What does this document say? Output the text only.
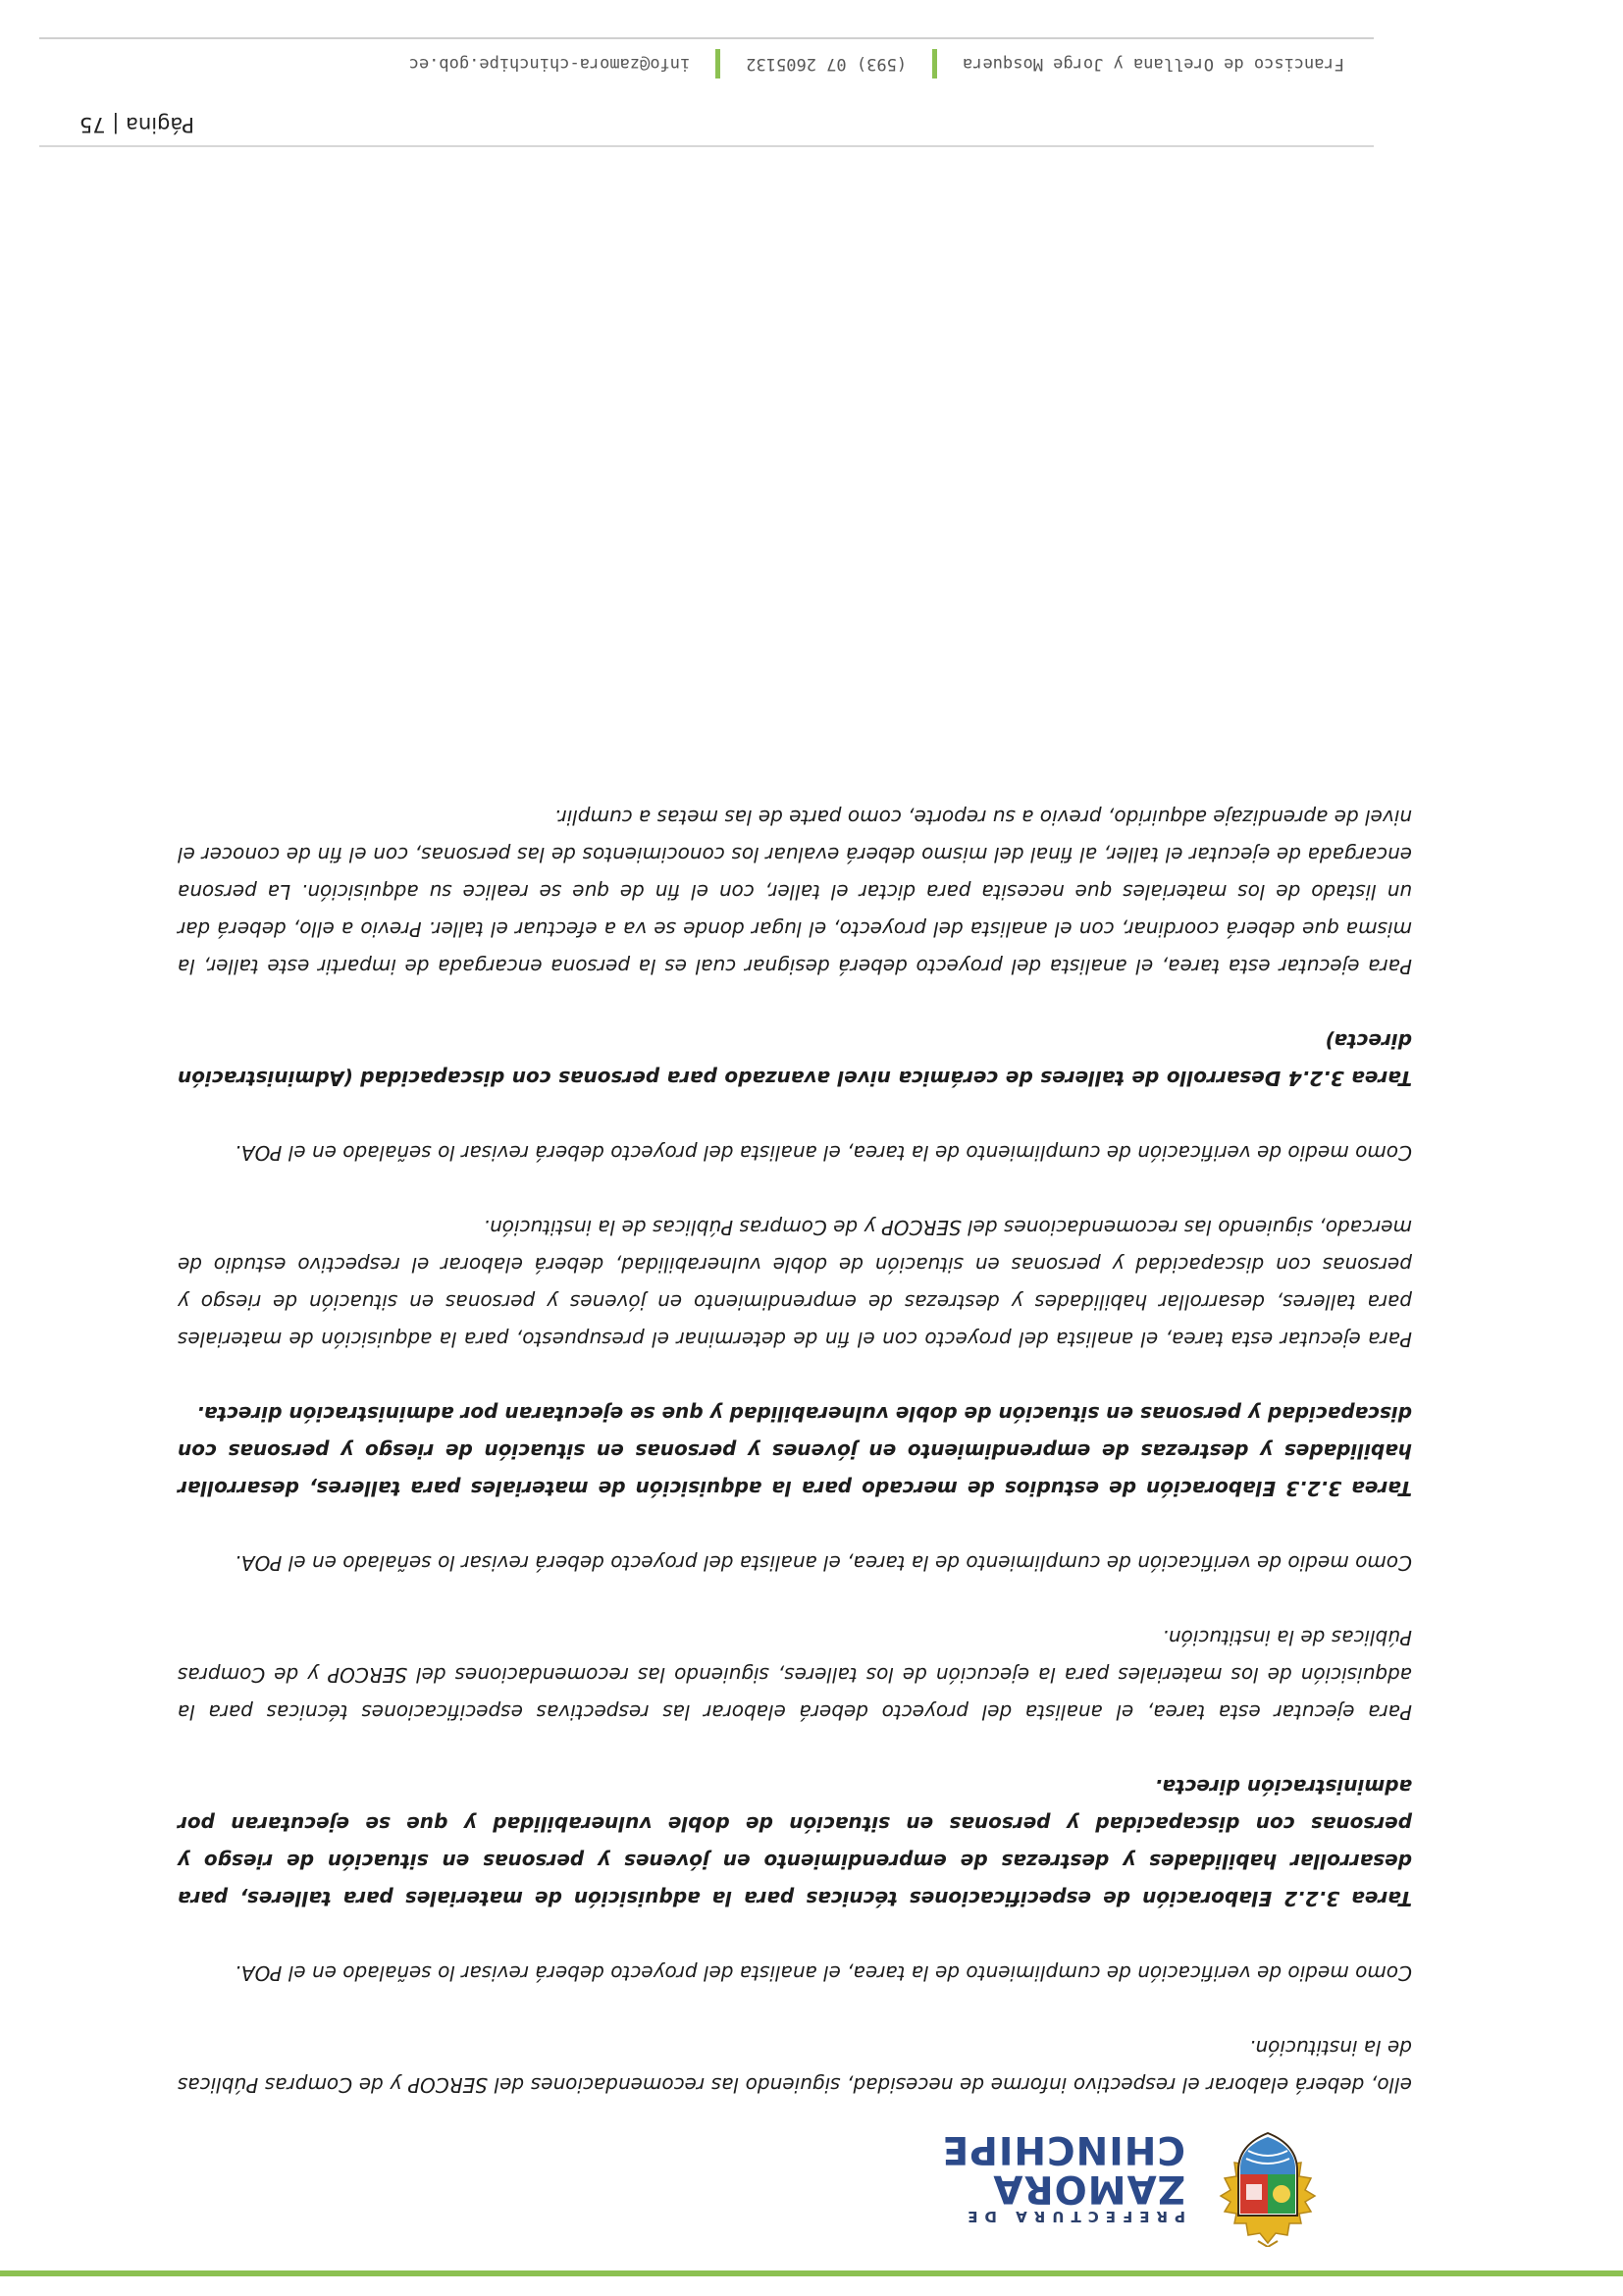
PREFECTURA DE
ZAMORA
CHINCHIPE

ello, deberá elaborar el respectivo informe de necesidad, siguiendo las recomendaciones del SERCOP y de Compras Públicas de la institución.

Como medio de verificación de cumplimiento de la tarea, el analista del proyecto deberá revisar lo señalado en el POA.

Tarea 3.2.2 Elaboración de especificaciones técnicas para la adquisición de materiales para talleres, para desarrollar habilidades y destrezas de emprendimiento en jóvenes y personas en situación de riesgo y personas con discapacidad y personas en situación de doble vulnerabilidad y que se ejecutaran por administración directa.

Para ejecutar esta tarea, el analista del proyecto deberá elaborar las respectivas especificaciones técnicas para la adquisición de los materiales para la ejecución de los talleres, siguiendo las recomendaciones del SERCOP y de Compras Públicas de la institución.

Como medio de verificación de cumplimiento de la tarea, el analista del proyecto deberá revisar lo señalado en el POA.

Tarea 3.2.3 Elaboración de estudios de mercado para la adquisición de materiales para talleres, desarrollar habilidades y destrezas de emprendimiento en jóvenes y personas en situación de riesgo y personas con discapacidad y personas en situación de doble vulnerabilidad y que se ejecutaran por administración directa.

Para ejecutar esta tarea, el analista del proyecto con el fin de determinar el presupuesto, para la adquisición de materiales para talleres, desarrollar habilidades y destrezas de emprendimiento en jóvenes y personas en situación de riesgo y personas con discapacidad y personas en situación de doble vulnerabilidad, deberá elaborar el respectivo estudio de mercado, siguiendo las recomendaciones del SERCOP y de Compras Públicas de la institución.

Como medio de verificación de cumplimiento de la tarea, el analista del proyecto deberá revisar lo señalado en el POA.

Tarea 3.2.4 Desarrollo de talleres de cerámica nivel avanzado para personas con discapacidad (Administración directa)

Para ejecutar esta tarea, el analista del proyecto deberá designar cual es la persona encargada de impartir este taller, la misma que deberá coordinar, con el analista del proyecto, el lugar donde se va a efectuar el taller. Previo a ello, deberá dar un listado de los materiales que necesita para dictar el taller, con el fin de que se realice su adquisición. La persona encargada de ejecutar el taller, al final del mismo deberá evaluar los conocimientos de las personas, con el fin de conocer el nivel de aprendizaje adquirido, previo a su reporte, como parte de las metas a cumplir.

Página | 75
Francisco de Orellana y Jorge Mosquera
(593) 07 2605132
info@zamora-chinchipe.gob.ec
